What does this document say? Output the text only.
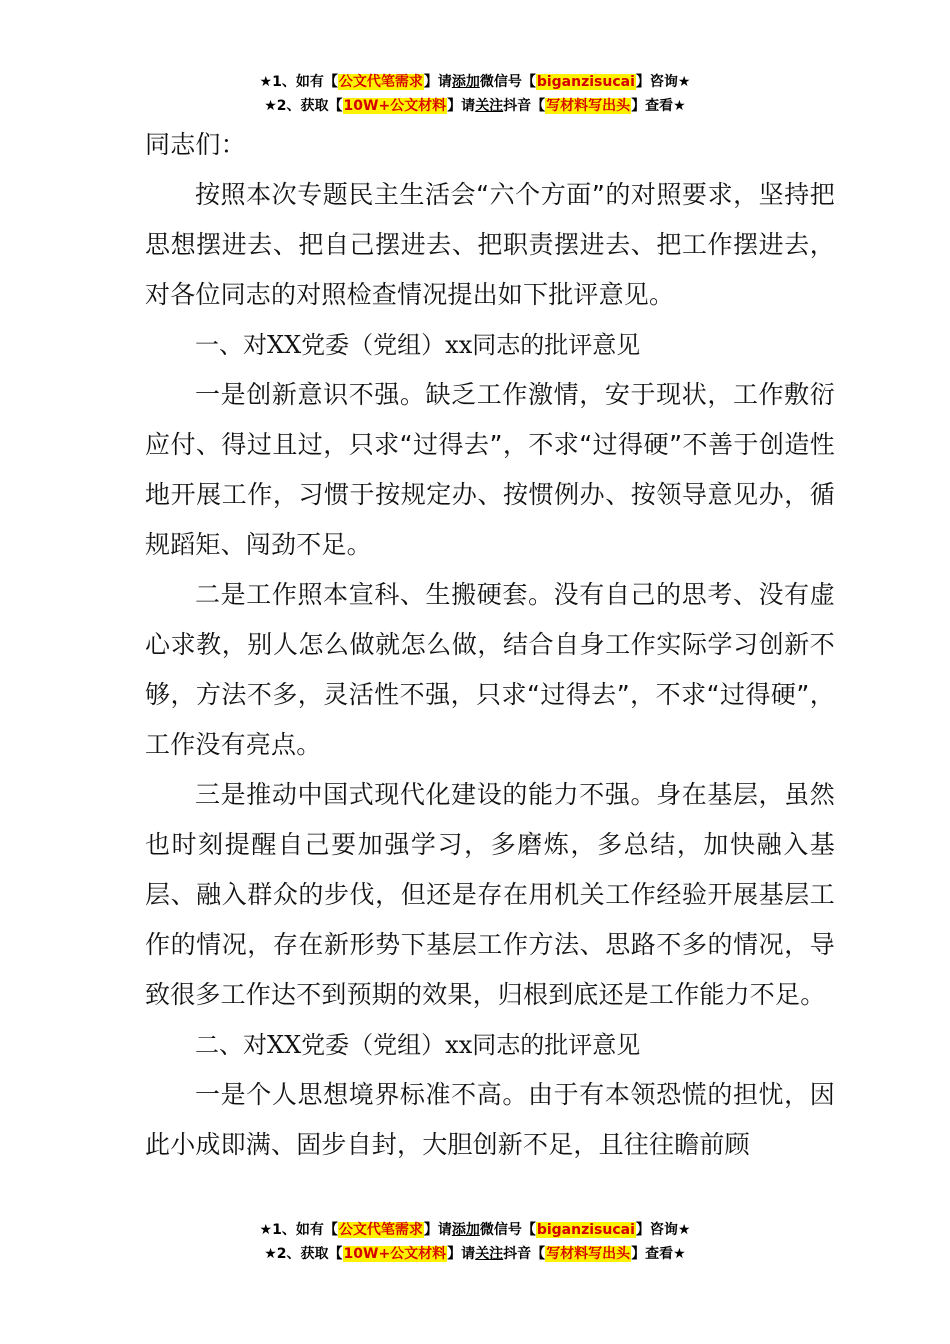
★1、如有【公文代笔需求】请添加微信号【biganzisucai】咨询★
★2、获取【10W+公文材料】请关注抖音【写材料写出头】查看★

同志们：

按照本次专题民主生活会“六个方面”的对照要求，坚持把思想摆进去、把自己摆进去、把职责摆进去、把工作摆进去，对各位同志的对照检查情况提出如下批评意见。

一、对XX党委（党组）xx同志的批评意见

一是创新意识不强。缺乏工作激情，安于现状，工作敷衍应付、得过且过，只求“过得去”，不求“过得硬”不善于创造性地开展工作，习惯于按规定办、按惯例办、按领导意见办，循规蹈矩、闯劲不足。

二是工作照本宣科、生搬硬套。没有自己的思考、没有虚心求教，别人怎么做就怎么做，结合自身工作实际学习创新不够，方法不多，灵活性不强，只求“过得去”，不求“过得硬”，工作没有亮点。

三是推动中国式现代化建设的能力不强。身在基层，虽然也时刻提醒自己要加强学习，多磨炼，多总结，加快融入基层、融入群众的步伐，但还是存在用机关工作经验开展基层工作的情况，存在新形势下基层工作方法、思路不多的情况，导致很多工作达不到预期的效果，归根到底还是工作能力不足。

二、对XX党委（党组）xx同志的批评意见

一是个人思想境界标准不高。由于有本领恐慌的担忧，因此小成即满、固步自封，大胆创新不足，且往往瞻前顾

★1、如有【公文代笔需求】请添加微信号【biganzisucai】咨询★
★2、获取【10W+公文材料】请关注抖音【写材料写出头】查看★
